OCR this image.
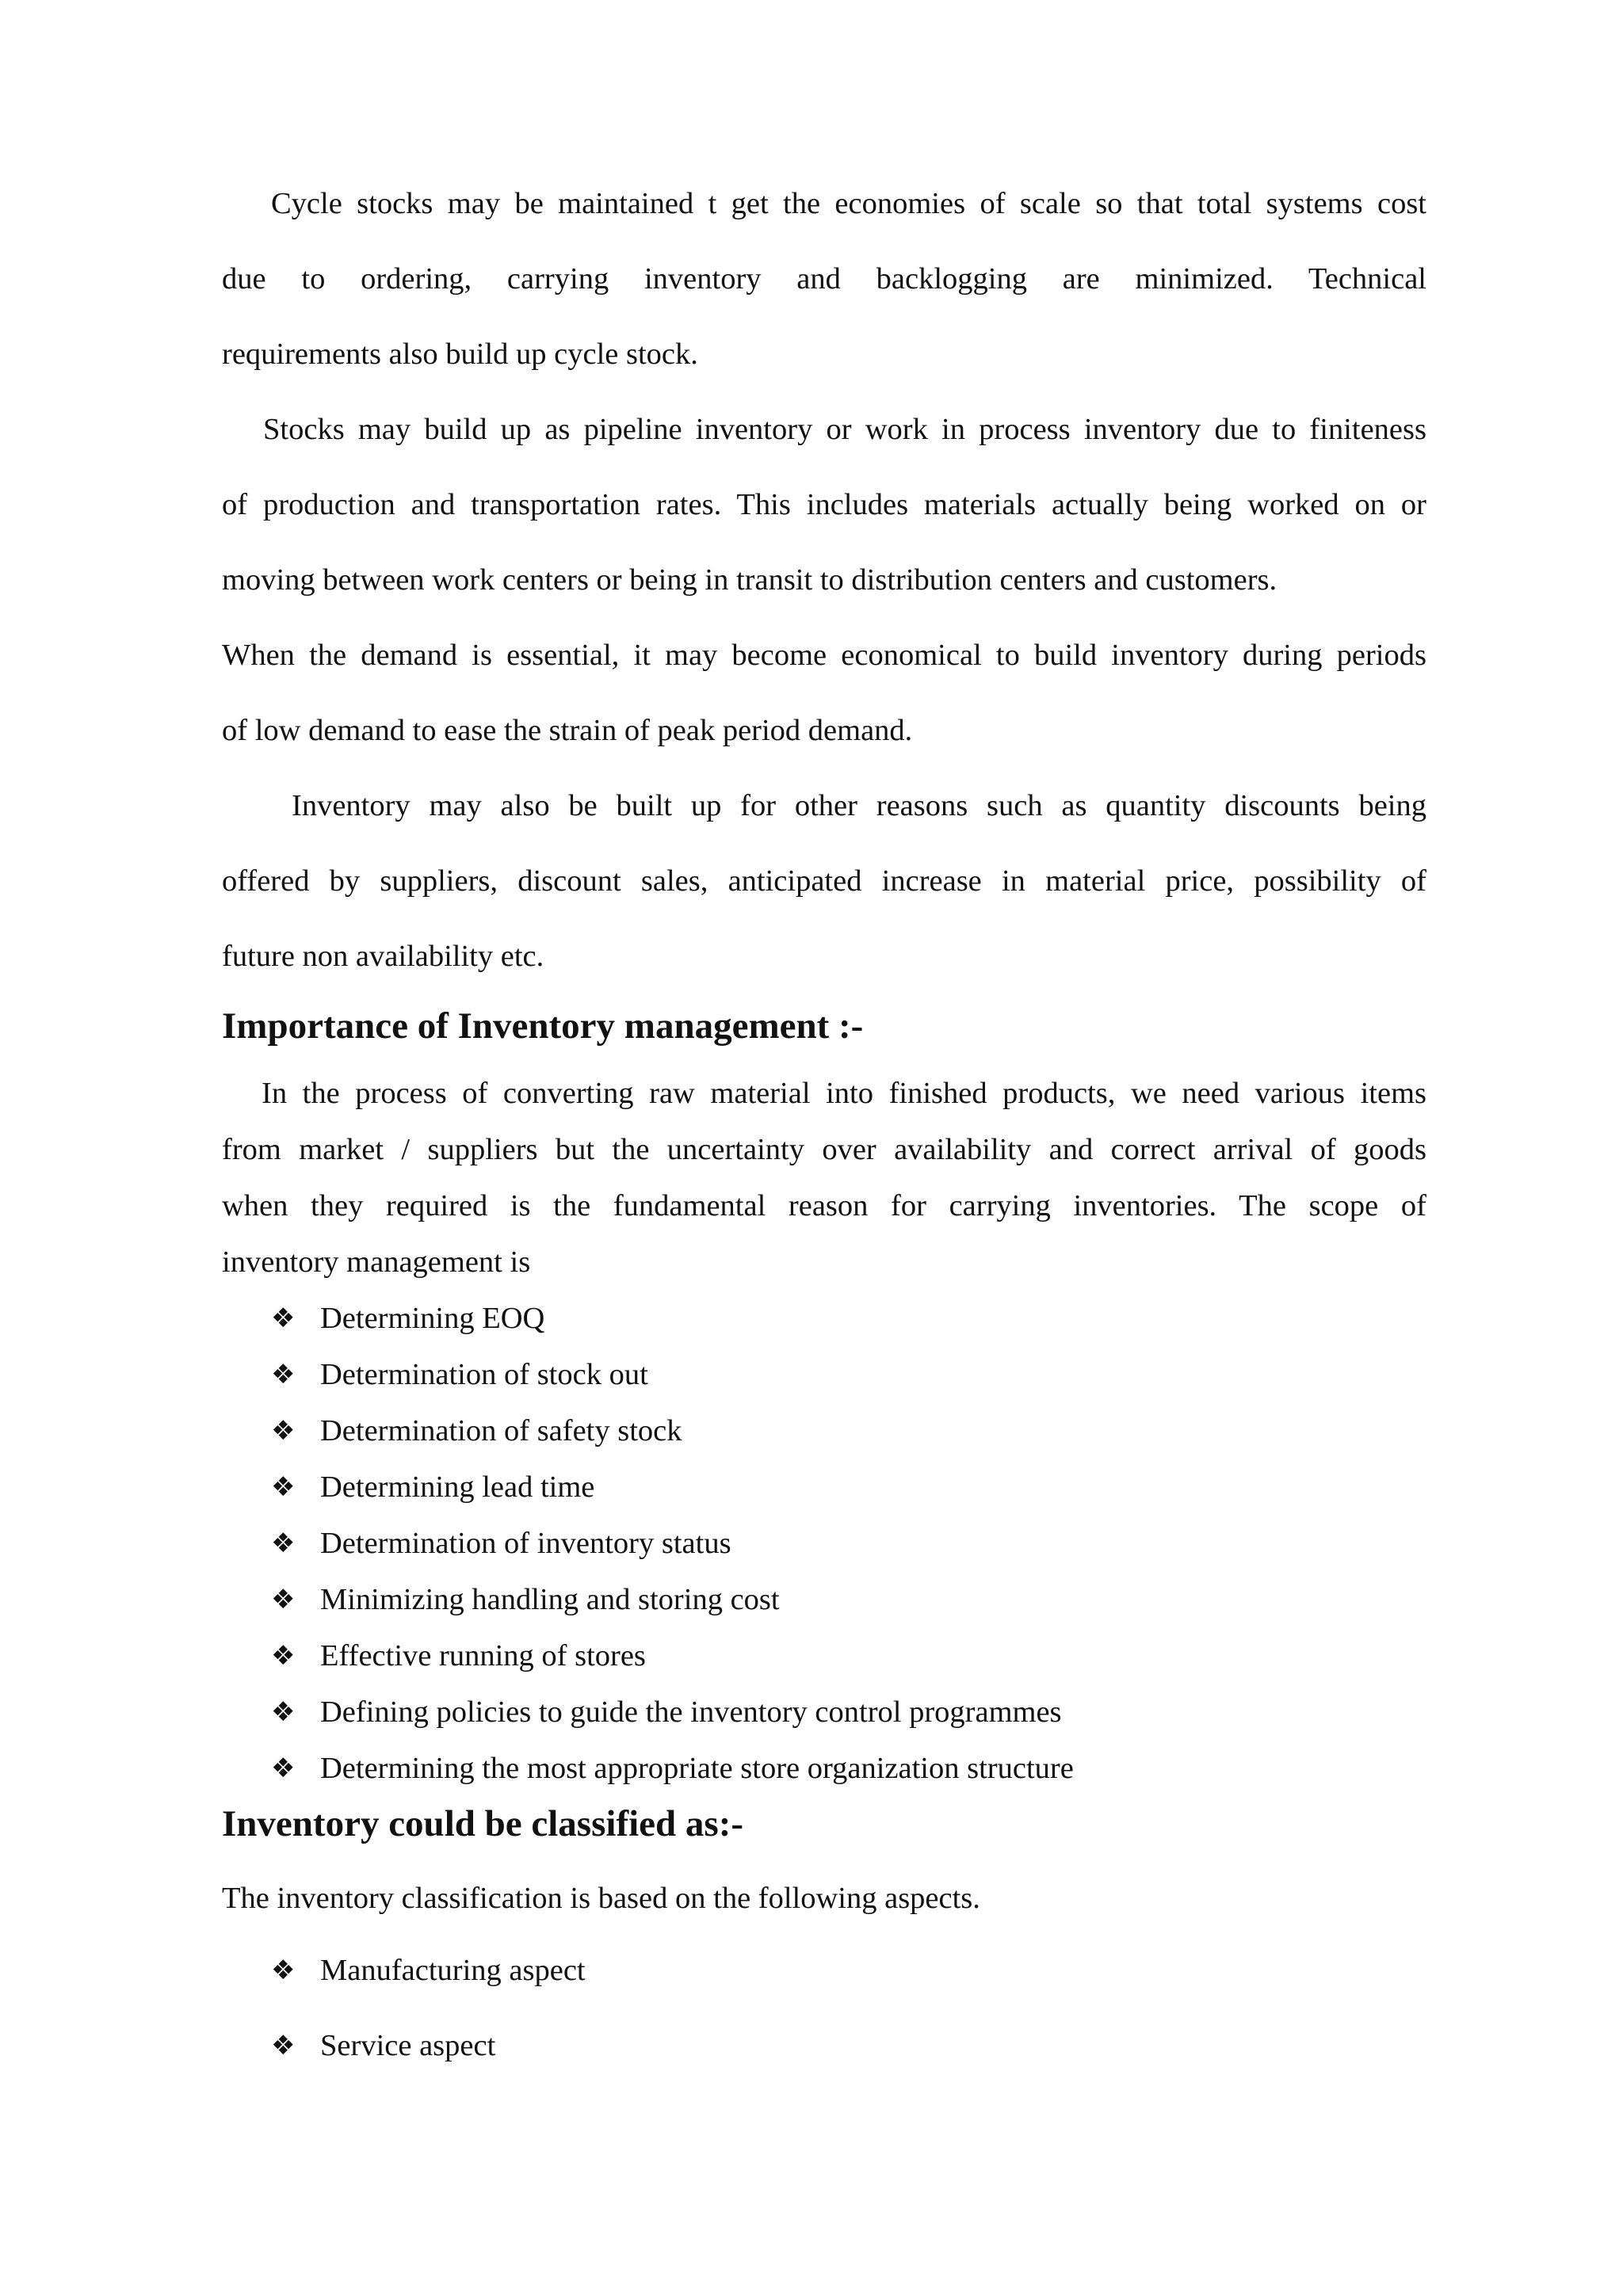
Cycle stocks may be maintained t get the economies of scale so that total systems cost
due to ordering, carrying inventory and backlogging are minimized. Technical
requirements also build up cycle stock.

Stocks may build up as pipeline inventory or work in process inventory due to finiteness
of production and transportation rates. This includes materials actually being worked on or
moving between work centers or being in transit to distribution centers and customers.
When the demand is essential, it may become economical to build inventory during periods
of low demand to ease the strain of peak period demand.

Inventory may also be built up for other reasons such as quantity discounts being
offered by suppliers, discount sales, anticipated increase in material price, possibility of
future non availability etc.

Importance of Inventory management :-

In the process of converting raw material into finished products, we need various items
from market / suppliers but the uncertainty over availability and correct arrival of goods
when they required is the fundamental reason for carrying inventories. The scope of
inventory management is

❖ Determining EOQ
❖ Determination of stock out
❖ Determination of safety stock
❖ Determining lead time
❖ Determination of inventory status
❖ Minimizing handling and storing cost
❖ Effective running of stores
❖ Defining policies to guide the inventory control programmes
❖ Determining the most appropriate store organization structure
Inventory could be classified as:-

The inventory classification is based on the following aspects.

❖ Manufacturing aspect
❖ Service aspect
